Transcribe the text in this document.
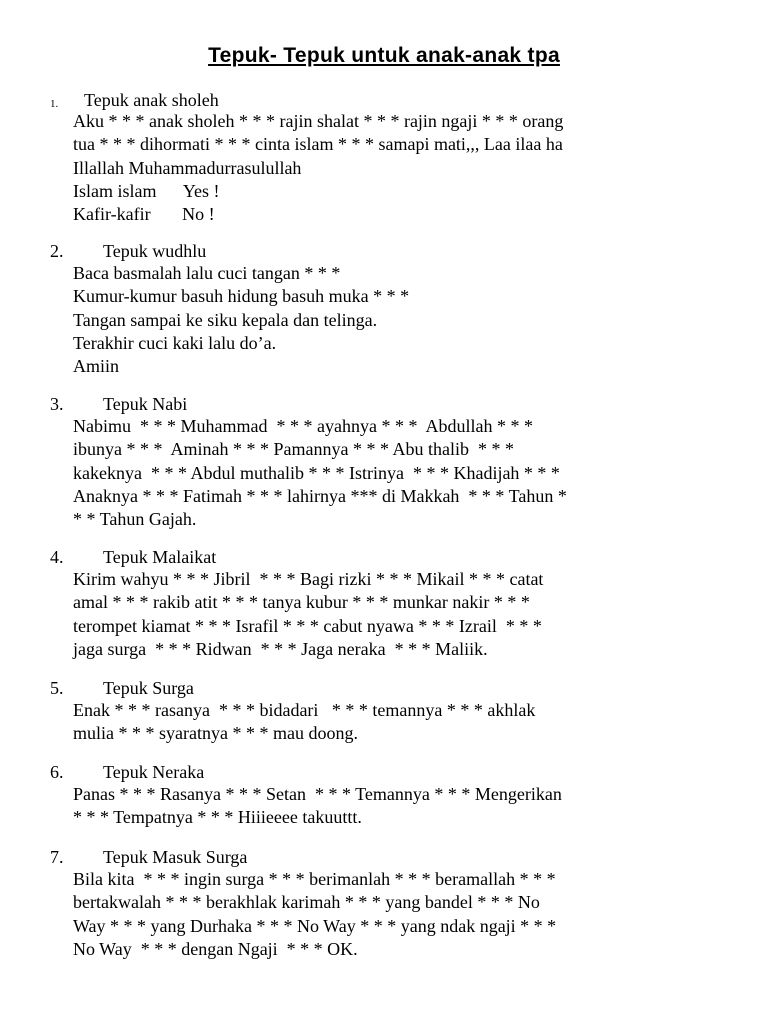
Tepuk- Tepuk untuk anak-anak tpa
1. Tepuk anak sholeh
Aku * * * anak sholeh * * * rajin shalat * * * rajin ngaji * * * orang
tua * * * dihormati * * * cinta islam * * * samapi mati,,, Laa ilaa ha
Illallah Muhammadurrasulullah
Islam islam      Yes !
Kafir-kafir       No !
2. Tepuk wudhlu
Baca basmalah lalu cuci tangan * * *
Kumur-kumur basuh hidung basuh muka * * *
Tangan sampai ke siku kepala dan telinga.
Terakhir cuci kaki lalu do’a.
Amiin
3. Tepuk Nabi
Nabimu  * * * Muhammad  * * * ayahnya * * *  Abdullah * * *
ibunya * * *  Aminah * * * Pamannya * * * Abu thalib  * * *
kakeknya  * * * Abdul muthalib * * * Istrinya  * * * Khadijah * * *
Anaknya * * * Fatimah * * * lahirnya *** di Makkah  * * * Tahun *
* * Tahun Gajah.
4. Tepuk Malaikat
Kirim wahyu * * * Jibril  * * * Bagi rizki * * * Mikail * * * catat
amal * * * rakib atit * * * tanya kubur * * * munkar nakir * * *
terompet kiamat * * * Israfil * * * cabut nyawa * * * Izrail  * * *
jaga surga  * * * Ridwan  * * * Jaga neraka  * * * Maliik.
5. Tepuk Surga
Enak * * * rasanya  * * * bidadari   * * * temannya * * * akhlak
mulia * * * syaratnya * * * mau doong.
6. Tepuk Neraka
Panas * * * Rasanya * * * Setan  * * * Temannya * * * Mengerikan
* * * Tempatnya * * * Hiiieeee takuuttt.
7. Tepuk Masuk Surga
Bila kita  * * * ingin surga * * * berimanlah * * * beramallah * * *
bertakwalah * * * berakhlak karimah * * * yang bandel * * * No
Way * * * yang Durhaka * * * No Way * * * yang ndak ngaji * * *
No Way  * * * dengan Ngaji  * * * OK.
